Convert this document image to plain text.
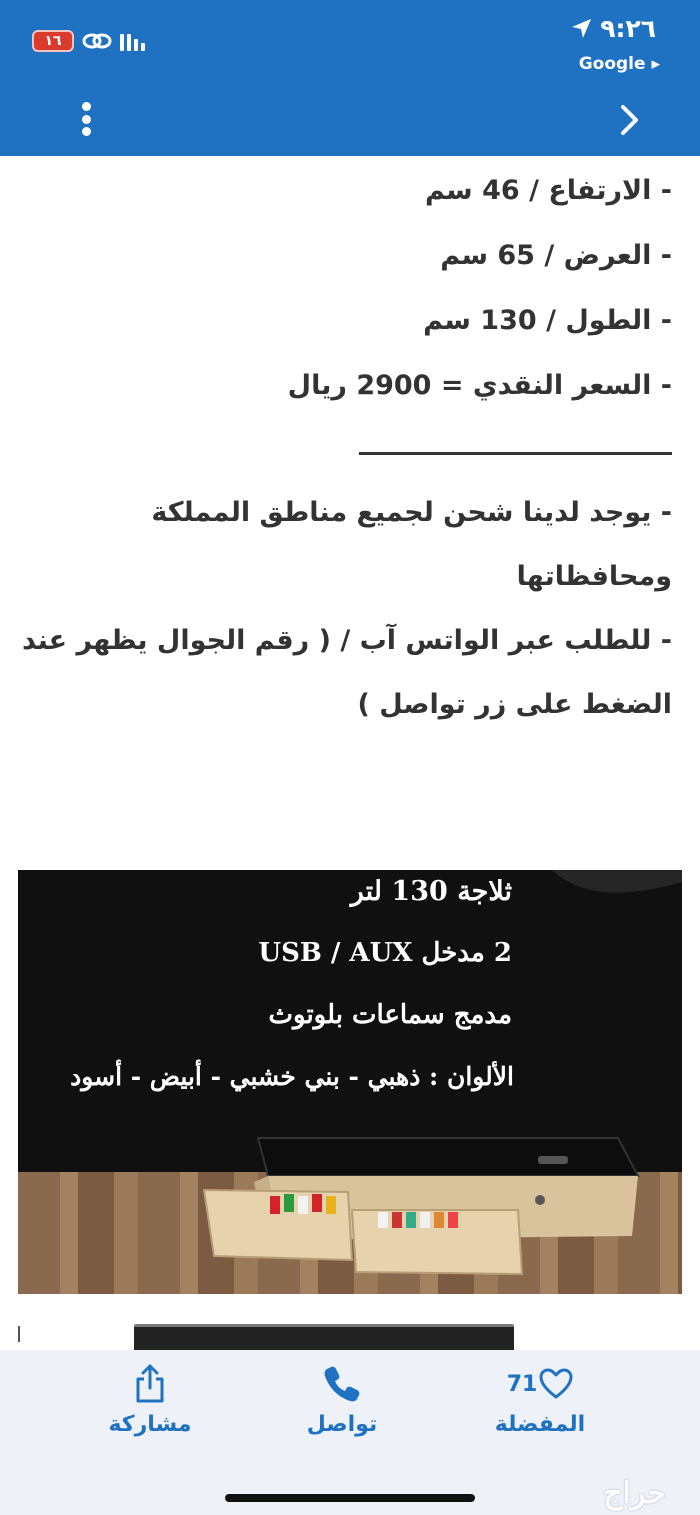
١٦	٩:٢٦
Google ▸
- الارتفاع / 46 سم
- العرض / 65 سم
- الطول / 130 سم
- السعر النقدي = 2900 ريال
- يوجد لدينا شحن لجميع مناطق المملكة ومحافظاتها
- للطلب عبر الواتس آب / ( رقم الجوال يظهر عند الضغط على زر تواصل )
ثلاجة 130 لتر
2 مدخل USB / AUX
مدمج سماعات بلوتوث
الألوان : ذهبي - بني خشبي - أبيض - أسود
71
المفضلة
تواصل
مشاركة
حراج
